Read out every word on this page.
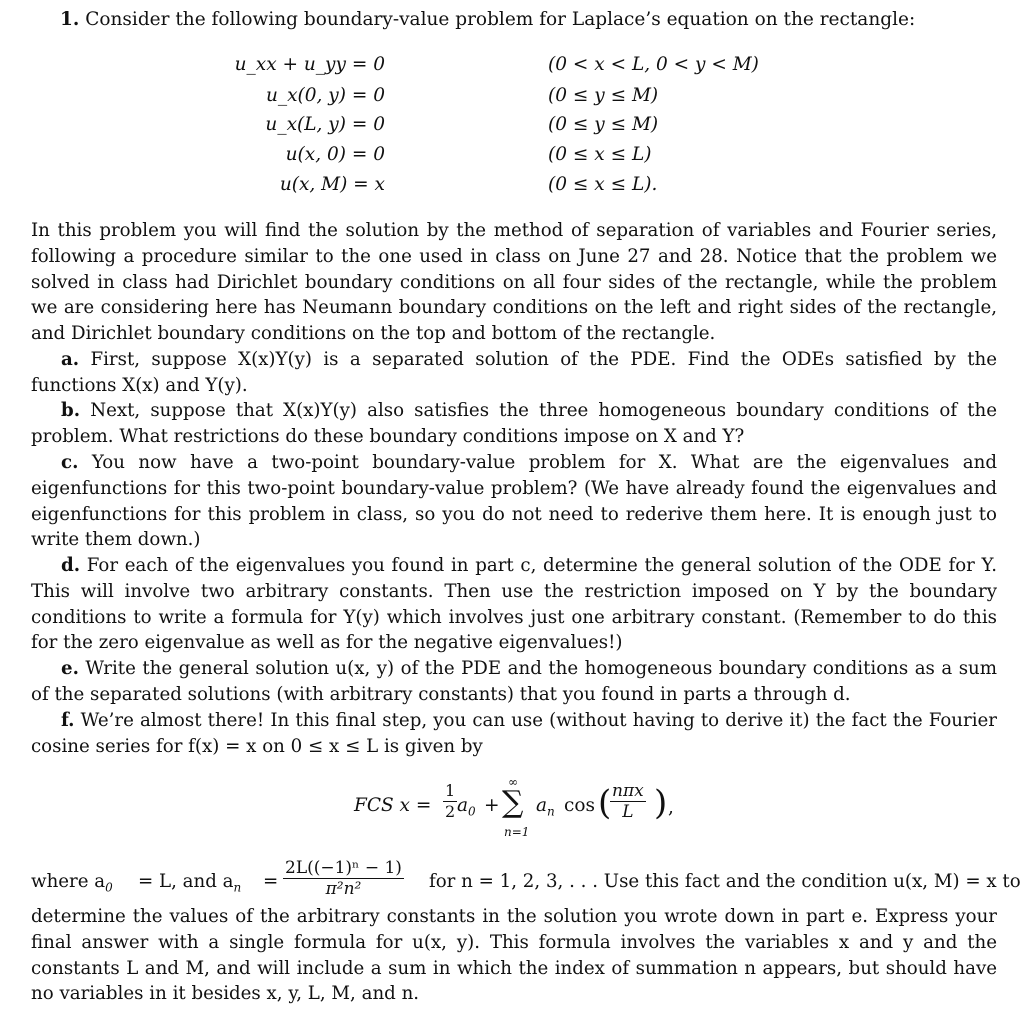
1. Consider the following boundary-value problem for Laplace’s equation on the rectangle:
u_xx + u_yy = 0	(0 < x < L, 0 < y < M)
u_x(0, y) = 0	(0 ≤ y ≤ M)
u_x(L, y) = 0	(0 ≤ y ≤ M)
u(x, 0) = 0	(0 ≤ x ≤ L)
u(x, M) = x	(0 ≤ x ≤ L).

In this problem you will find the solution by the method of separation of variables and Fourier series, following a procedure similar to the one used in class on June 27 and 28. Notice that the problem we solved in class had Dirichlet boundary conditions on all four sides of the rectangle, while the problem we are considering here has Neumann boundary conditions on the left and right sides of the rectangle, and Dirichlet boundary conditions on the top and bottom of the rectangle.

a. First, suppose X(x)Y(y) is a separated solution of the PDE. Find the ODEs satisfied by the functions X(x) and Y(y).

b. Next, suppose that X(x)Y(y) also satisfies the three homogeneous boundary conditions of the problem. What restrictions do these boundary conditions impose on X and Y?

c. You now have a two-point boundary-value problem for X. What are the eigenvalues and eigenfunctions for this two-point boundary-value problem? (We have already found the eigenvalues and eigenfunctions for this problem in class, so you do not need to rederive them here. It is enough just to write them down.)

d. For each of the eigenvalues you found in part c, determine the general solution of the ODE for Y. This will involve two arbitrary constants. Then use the restriction imposed on Y by the boundary conditions to write a formula for Y(y) which involves just one arbitrary constant. (Remember to do this for the zero eigenvalue as well as for the negative eigenvalues!)

e. Write the general solution u(x, y) of the PDE and the homogeneous boundary conditions as a sum of the separated solutions (with arbitrary constants) that you found in parts a through d.

f. We’re almost there! In this final step, you can use (without having to derive it) the fact the Fourier cosine series for f(x) = x on 0 ≤ x ≤ L is given by

FCS $x = \frac{1}{2} a_0$ +
∞
∑
n=1
$a_n$ cos ( nπx
L ) ,
where $a_0 = L$, and $a_n = \frac{\text{2L((−1)ⁿ − 1)}}{\text{π²n²}}$ for n = 1, 2, 3, . . . Use this fact and the condition u(x, M) = x to

determine the values of the arbitrary constants in the solution you wrote down in part e. Express your final answer with a single formula for u(x, y). This formula involves the variables x and y and the constants L and M, and will include a sum in which the index of summation n appears, but should have no variables in it besides x, y, L, M, and n.
